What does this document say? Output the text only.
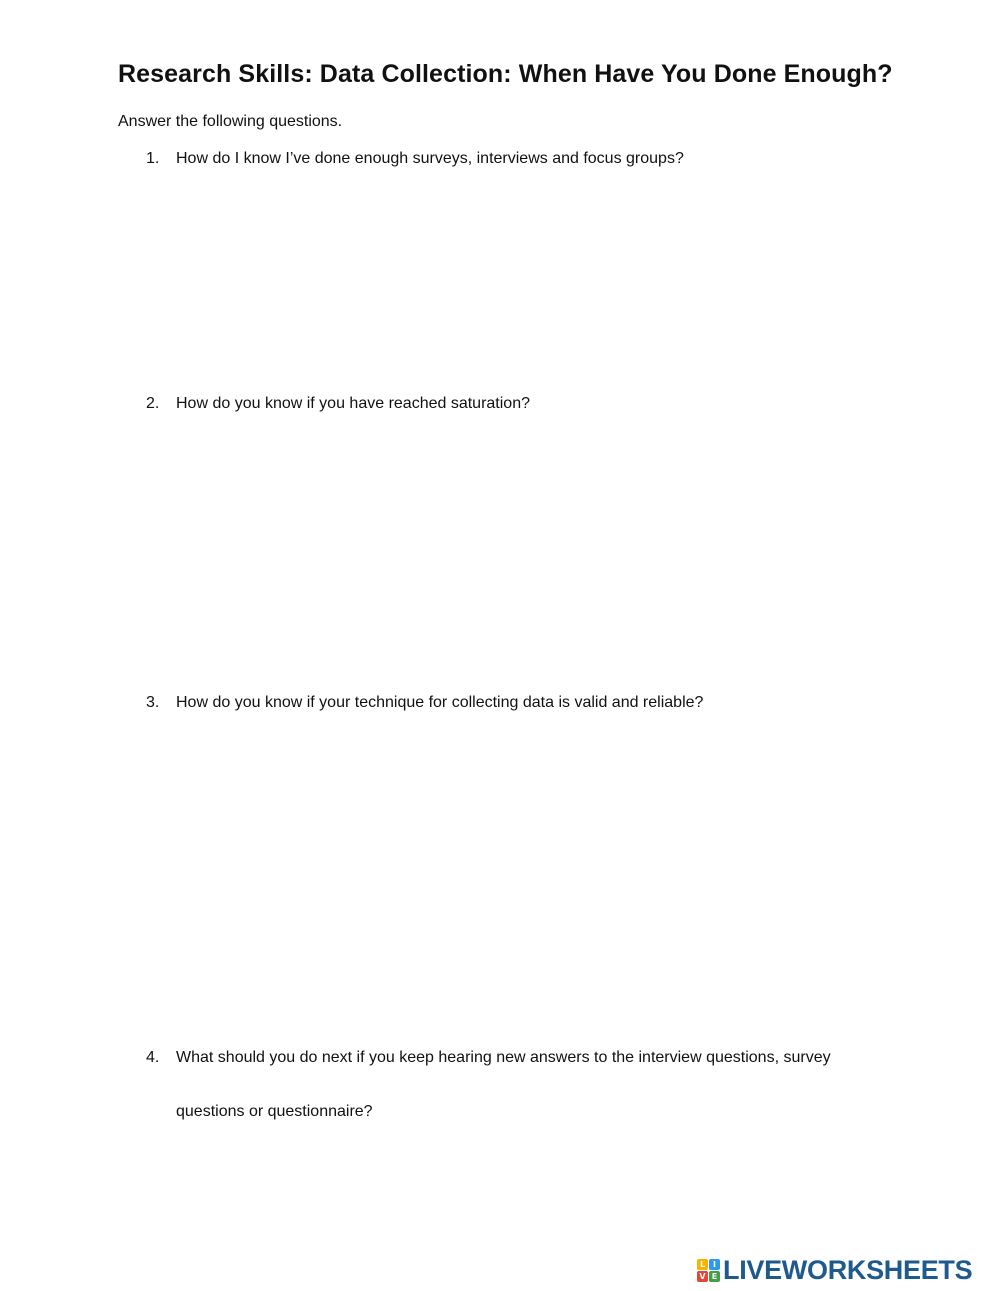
Research Skills: Data Collection: When Have You Done Enough?
Answer the following questions.
1. How do I know I’ve done enough surveys, interviews and focus groups?
2. How do you know if you have reached saturation?
3. How do you know if your technique for collecting data is valid and reliable?
4. What should you do next if you keep hearing new answers to the interview questions, survey
questions or questionnaire?
L I
V E LIVEWORKSHEETS
